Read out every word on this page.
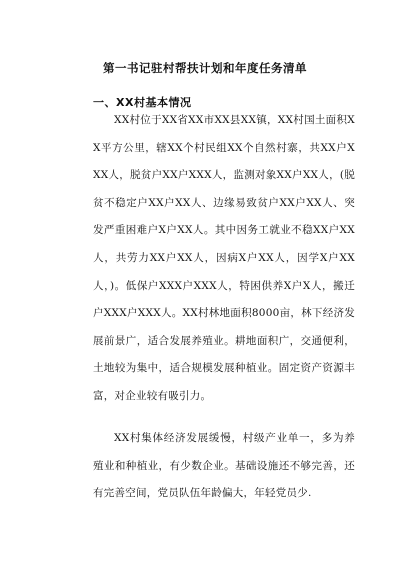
第一书记驻村帮扶计划和年度任务清单
一、XX村基本情况

XX村位于XX省XX市XX县XX镇，XX村国土面积XX平方公里，辖XX个村民组XX个自然村寨，共XX户XXX人，脱贫户XX户XXX人，监测对象XX户XX人，(脱贫不稳定户XX户XX人、边缘易致贫户XX户XX人、突发严重困难户X户XX人。其中因务工就业不稳XX户XX人，共劳力XX户XX人，因病X户XX人，因学X户XX人，)。低保户XXX户XXX人，特困供养X户X人，搬迁户XXX户XXX人。XX村林地面积8000亩，林下经济发展前景广，适合发展养殖业。耕地面积广，交通便利，土地较为集中，适合规模发展种植业。固定资产资源丰富，对企业较有吸引力。

XX村集体经济发展缓慢，村级产业单一，多为养殖业和种植业，有少数企业。基础设施还不够完善，还有完善空间，党员队伍年龄偏大，年轻党员少.
